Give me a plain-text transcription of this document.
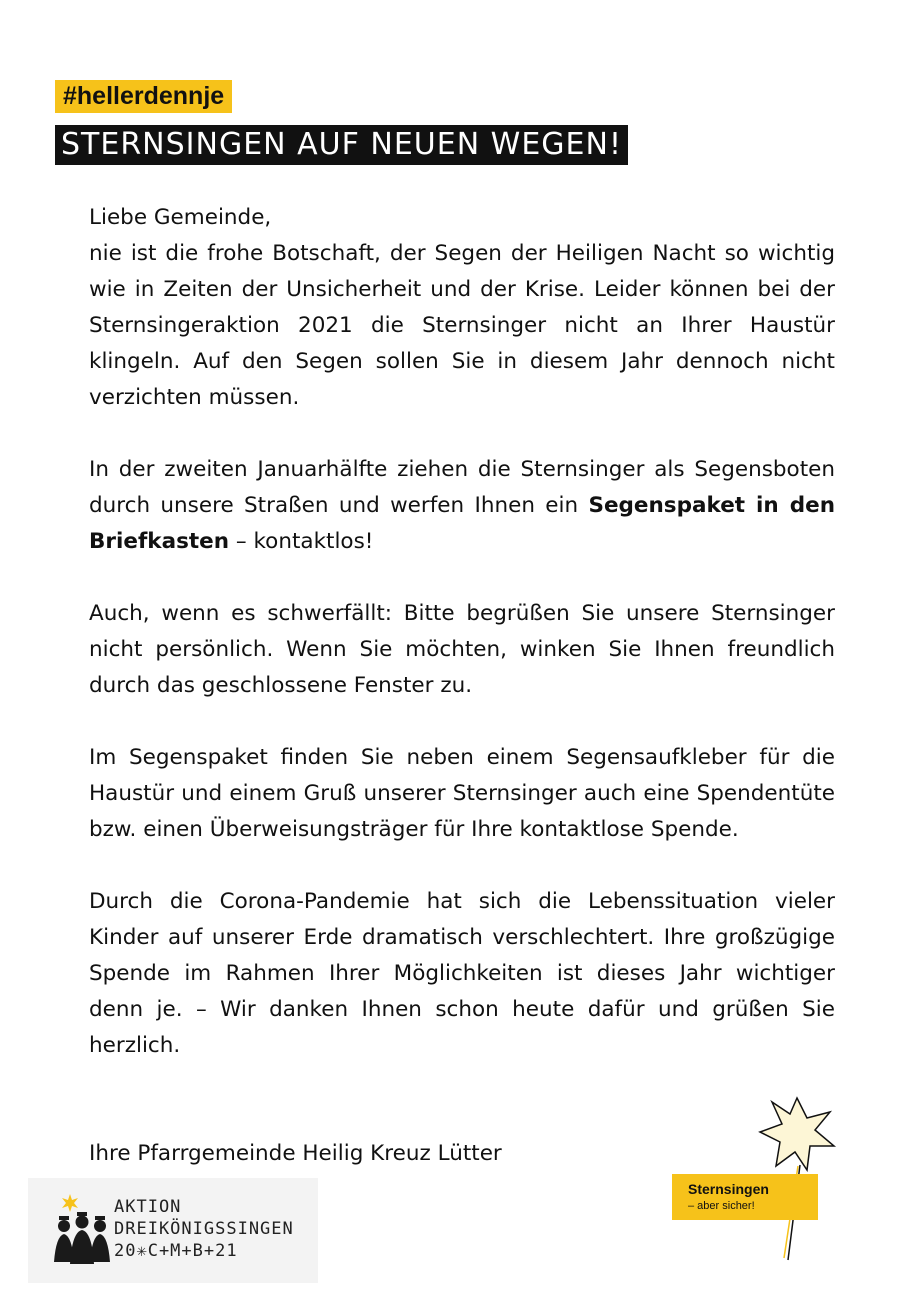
#hellerdennje
STERNSINGEN AUF NEUEN WEGEN!

Liebe Gemeinde,

nie ist die frohe Botschaft, der Segen der Heiligen Nacht so wichtig wie in Zeiten der Unsicherheit und der Krise. Leider können bei der Sternsingeraktion 2021 die Sternsinger nicht an Ihrer Haustür klingeln. Auf den Segen sollen Sie in diesem Jahr dennoch nicht verzichten müssen.

In der zweiten Januarhälfte ziehen die Sternsinger als Segensboten durch unsere Straßen und werfen Ihnen ein Segenspaket in den Briefkasten – kontaktlos!

Auch, wenn es schwerfällt: Bitte begrüßen Sie unsere Sternsinger nicht persönlich. Wenn Sie möchten, winken Sie Ihnen freundlich durch das geschlossene Fenster zu.

Im Segenspaket finden Sie neben einem Segensaufkleber für die Haustür und einem Gruß unserer Sternsinger auch eine Spendentüte bzw. einen Überweisungsträger für Ihre kontaktlose Spende.

Durch die Corona-Pandemie hat sich die Lebenssituation vieler Kinder auf unserer Erde dramatisch verschlechtert. Ihre großzügige Spende im Rahmen Ihrer Möglichkeiten ist dieses Jahr wichtiger denn je. – Wir danken Ihnen schon heute dafür und grüßen Sie herzlich.

Ihre Pfarrgemeinde Heilig Kreuz Lütter
AKTION
DREIKÖNIGSSINGEN
20✳C+M+B+21
Sternsingen
– aber sicher!
